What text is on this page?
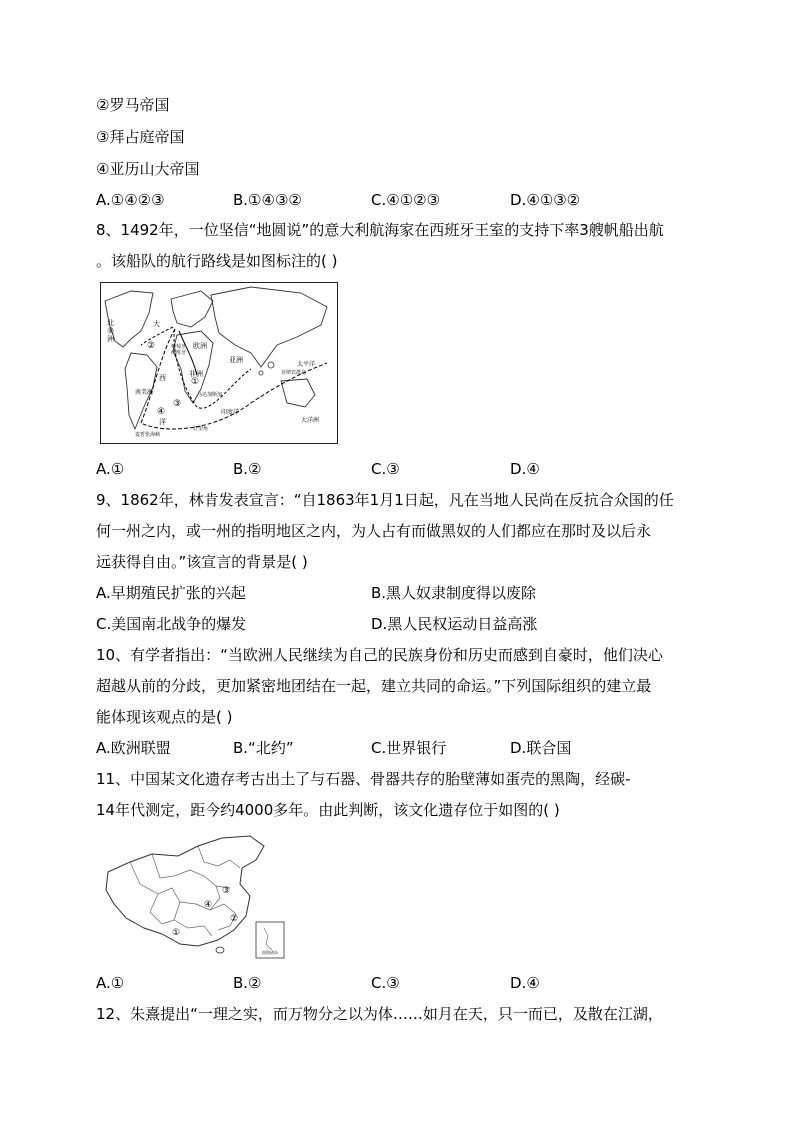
②罗马帝国
③拜占庭帝国
④亚历山大帝国
A.①④②③	B.①④③②	C.④①②③	D.④①③②
8、1492年，一位坚信“地圆说”的意大利航海家在西班牙王室的支持下率3艘帆船出航
。该船队的航行路线是如图标注的( )
北美洲
大
西
洋
欧洲
非洲
亚洲
南美洲
印度洋
太平洋
大洋洲
葡萄牙
西班牙
好望角
麦哲伦海峡
菲律宾群岛
马达加斯加
①
②
③
④
A.①	B.②	C.③	D.④
9、1862年，林肯发表宣言：“自1863年1月1日起，凡在当地人民尚在反抗合众国的任
何一州之内，或一州的指明地区之内，为人占有而做黑奴的人们都应在那时及以后永
远获得自由。”该宣言的背景是( )
A.早期殖民扩张的兴起	B.黑人奴隶制度得以废除
C.美国南北战争的爆发	D.黑人民权运动日益高涨
10、有学者指出：“当欧洲人民继续为自己的民族身份和历史而感到自豪时，他们决心
超越从前的分歧，更加紧密地团结在一起，建立共同的命运。”下列国际组织的建立最
能体现该观点的是( )
A.欧洲联盟	B.“北约”	C.世界银行	D.联合国
11、中国某文化遗存考古出土了与石器、骨器共存的胎壁薄如蛋壳的黑陶，经碳-
14年代测定，距今约4000多年。由此判断，该文化遗存位于如图的( )
①
②
③
④
南海诸岛
A.①	B.②	C.③	D.④
12、朱熹提出“一理之实，而万物分之以为体……如月在天，只一而已，及散在江湖，
